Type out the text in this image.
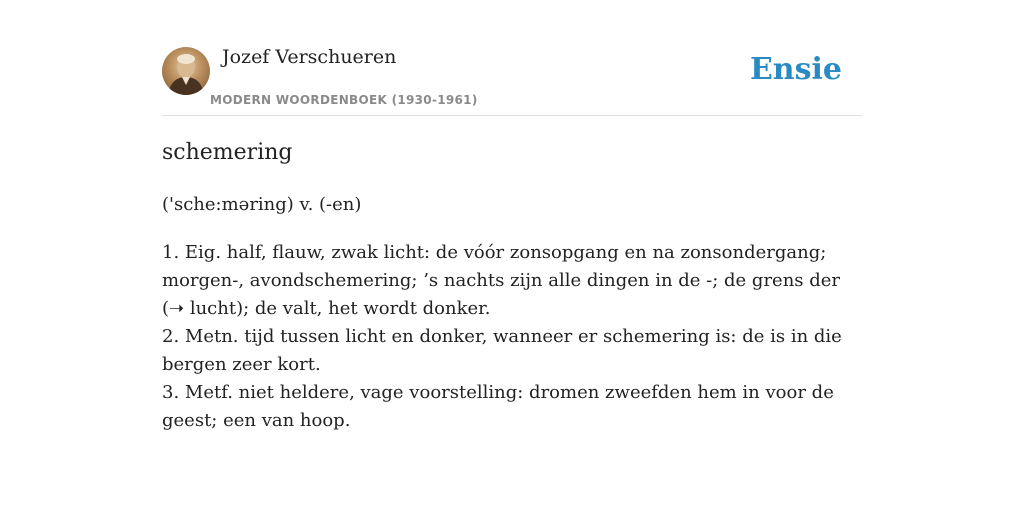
Jozef Verschueren
MODERN WOORDENBOEK (1930-1961)
Ensie
schemering
('sche:məring) v. (-en)
1. Eig. half, flauw, zwak licht: de vóór zonsopgang en na zonsondergang; morgen-, avondschemering; ’s nachts zijn alle dingen in de -; de grens der (➝ lucht); de valt, het wordt donker.
2. Metn. tijd tussen licht en donker, wanneer er schemering is: de is in die bergen zeer kort.
3. Metf. niet heldere, vage voorstelling: dromen zweefden hem in voor de geest; een van hoop.
